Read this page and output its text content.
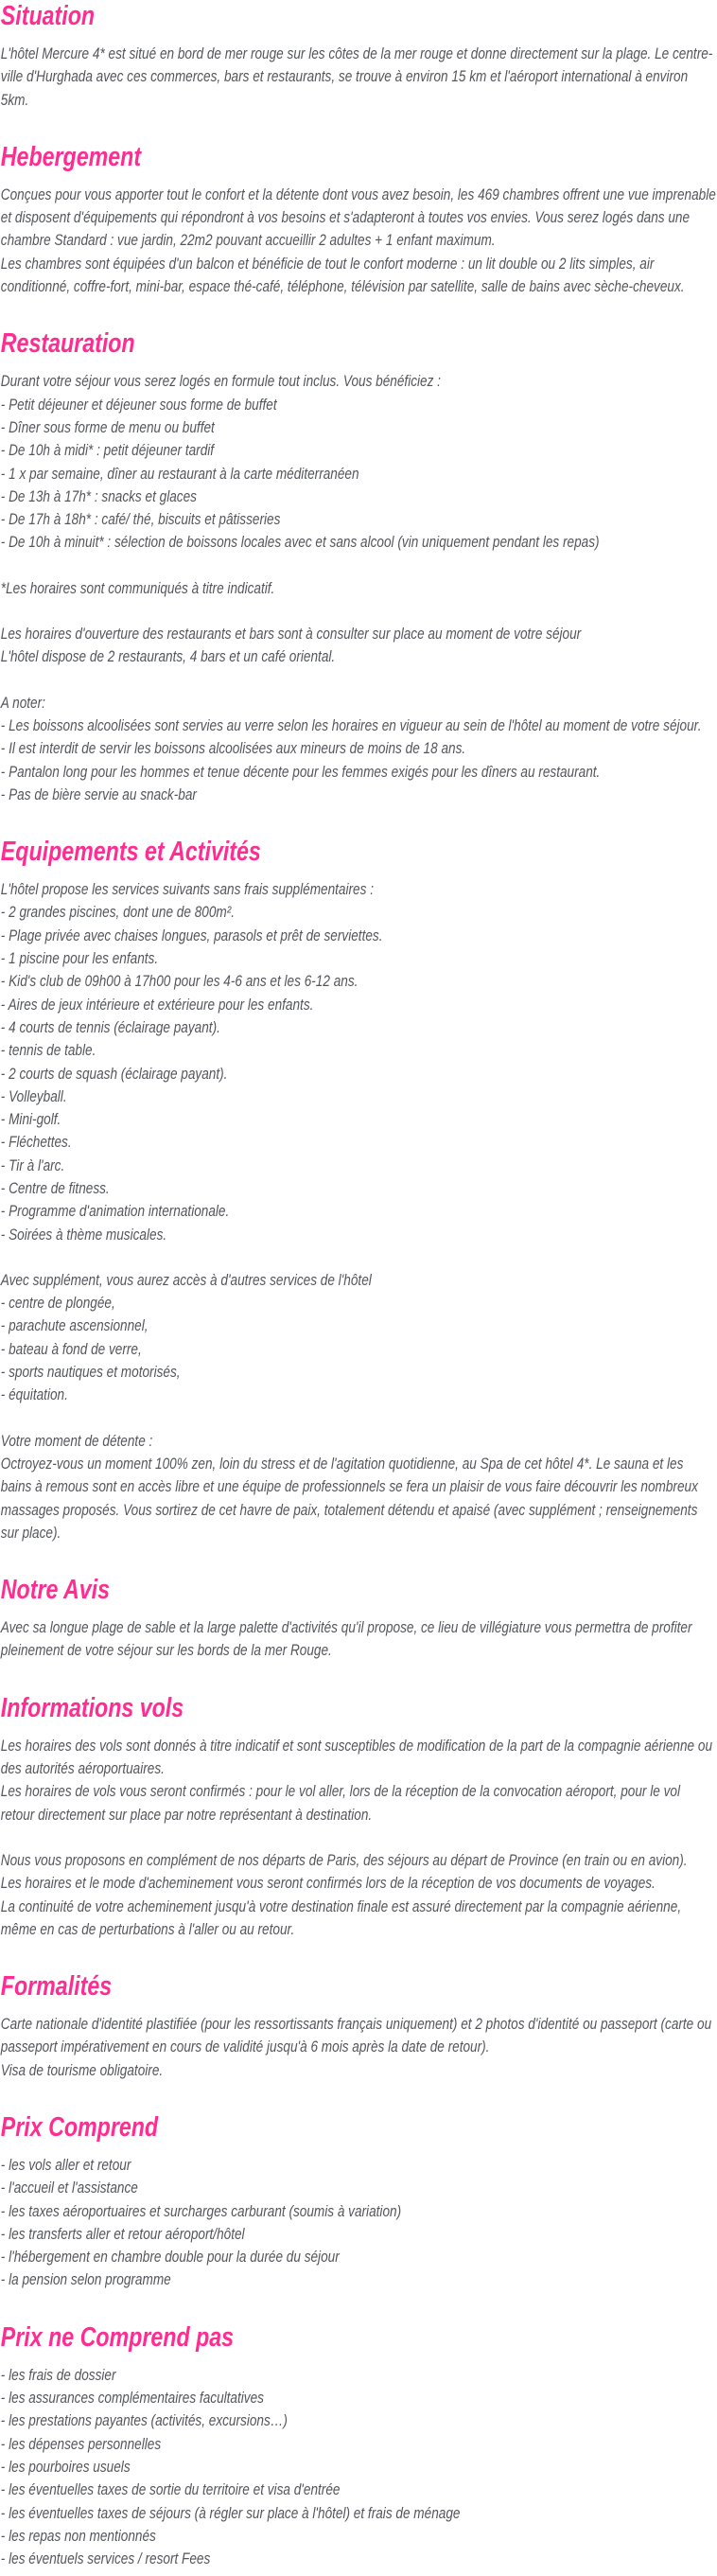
Situation

L'hôtel Mercure 4* est situé en bord de mer rouge sur les côtes de la mer rouge et donne directement sur la plage. Le centre-ville d'Hurghada avec ces commerces, bars et restaurants, se trouve à environ 15 km et l'aéroport international à environ 5km.

Hebergement

Conçues pour vous apporter tout le confort et la détente dont vous avez besoin, les 469 chambres offrent une vue imprenable et disposent d'équipements qui répondront à vos besoins et s'adapteront à toutes vos envies. Vous serez logés dans une chambre Standard : vue jardin, 22m2 pouvant accueillir 2 adultes + 1 enfant maximum.

Les chambres sont équipées d'un balcon et bénéficie de tout le confort moderne : un lit double ou 2 lits simples, air conditionné, coffre-fort, mini-bar, espace thé-café, téléphone, télévision par satellite, salle de bains avec sèche-cheveux.

Restauration

Durant votre séjour vous serez logés en formule tout inclus. Vous bénéficiez :

- Petit déjeuner et déjeuner sous forme de buffet

- Dîner sous forme de menu ou buffet

- De 10h à midi* : petit déjeuner tardif

- 1 x par semaine, dîner au restaurant à la carte méditerranéen

- De 13h à 17h* : snacks et glaces

- De 17h à 18h* : café/ thé, biscuits et pâtisseries

- De 10h à minuit* : sélection de boissons locales avec et sans alcool (vin uniquement pendant les repas)

*Les horaires sont communiqués à titre indicatif.

Les horaires d'ouverture des restaurants et bars sont à consulter sur place au moment de votre séjour

L'hôtel dispose de 2 restaurants, 4 bars et un café oriental.

A noter:

- Les boissons alcoolisées sont servies au verre selon les horaires en vigueur au sein de l'hôtel au moment de votre séjour.

- Il est interdit de servir les boissons alcoolisées aux mineurs de moins de 18 ans.

- Pantalon long pour les hommes et tenue décente pour les femmes exigés pour les dîners au restaurant.

- Pas de bière servie au snack-bar

Equipements et Activités

L'hôtel propose les services suivants sans frais supplémentaires :

- 2 grandes piscines, dont une de 800m².

- Plage privée avec chaises longues, parasols et prêt de serviettes.

- 1 piscine pour les enfants.

- Kid's club de 09h00 à 17h00 pour les 4-6 ans et les 6-12 ans.

- Aires de jeux intérieure et extérieure pour les enfants.

- 4 courts de tennis (éclairage payant).

- tennis de table.

- 2 courts de squash (éclairage payant).

- Volleyball.

- Mini-golf.

- Fléchettes.

- Tir à l'arc.

- Centre de fitness.

- Programme d'animation internationale.

- Soirées à thème musicales.

Avec supplément, vous aurez accès à d'autres services de l'hôtel

- centre de plongée,

- parachute ascensionnel,

- bateau à fond de verre,

- sports nautiques et motorisés,

- équitation.

Votre moment de détente :

Octroyez-vous un moment 100% zen, loin du stress et de l'agitation quotidienne, au Spa de cet hôtel 4*. Le sauna et les bains à remous sont en accès libre et une équipe de professionnels se fera un plaisir de vous faire découvrir les nombreux massages proposés. Vous sortirez de cet havre de paix, totalement détendu et apaisé (avec supplément ; renseignements sur place).

Notre Avis

Avec sa longue plage de sable et la large palette d'activités qu'il propose, ce lieu de villégiature vous permettra de profiter pleinement de votre séjour sur les bords de la mer Rouge.

Informations vols

Les horaires des vols sont donnés à titre indicatif et sont susceptibles de modification de la part de la compagnie aérienne ou des autorités aéroportuaires.

Les horaires de vols vous seront confirmés : pour le vol aller, lors de la réception de la convocation aéroport, pour le vol retour directement sur place par notre représentant à destination.

Nous vous proposons en complément de nos départs de Paris, des séjours au départ de Province (en train ou en avion).

Les horaires et le mode d'acheminement vous seront confirmés lors de la réception de vos documents de voyages.

La continuité de votre acheminement jusqu'à votre destination finale est assuré directement par la compagnie aérienne, même en cas de perturbations à l'aller ou au retour.

Formalités

Carte nationale d'identité plastifiée (pour les ressortissants français uniquement) et 2 photos d'identité ou passeport (carte ou passeport impérativement en cours de validité jusqu'à 6 mois après la date de retour).

Visa de tourisme obligatoire.

Prix Comprend

- les vols aller et retour

- l'accueil et l'assistance

- les taxes aéroportuaires et surcharges carburant (soumis à variation)

- les transferts aller et retour aéroport/hôtel

- l'hébergement en chambre double pour la durée du séjour

- la pension selon programme

Prix ne Comprend pas

- les frais de dossier

- les assurances complémentaires facultatives

- les prestations payantes (activités, excursions…)

- les dépenses personnelles

- les pourboires usuels

- les éventuelles taxes de sortie du territoire et visa d'entrée

- les éventuelles taxes de séjours (à régler sur place à l'hôtel) et frais de ménage

- les repas non mentionnés

- les éventuels services / resort Fees
